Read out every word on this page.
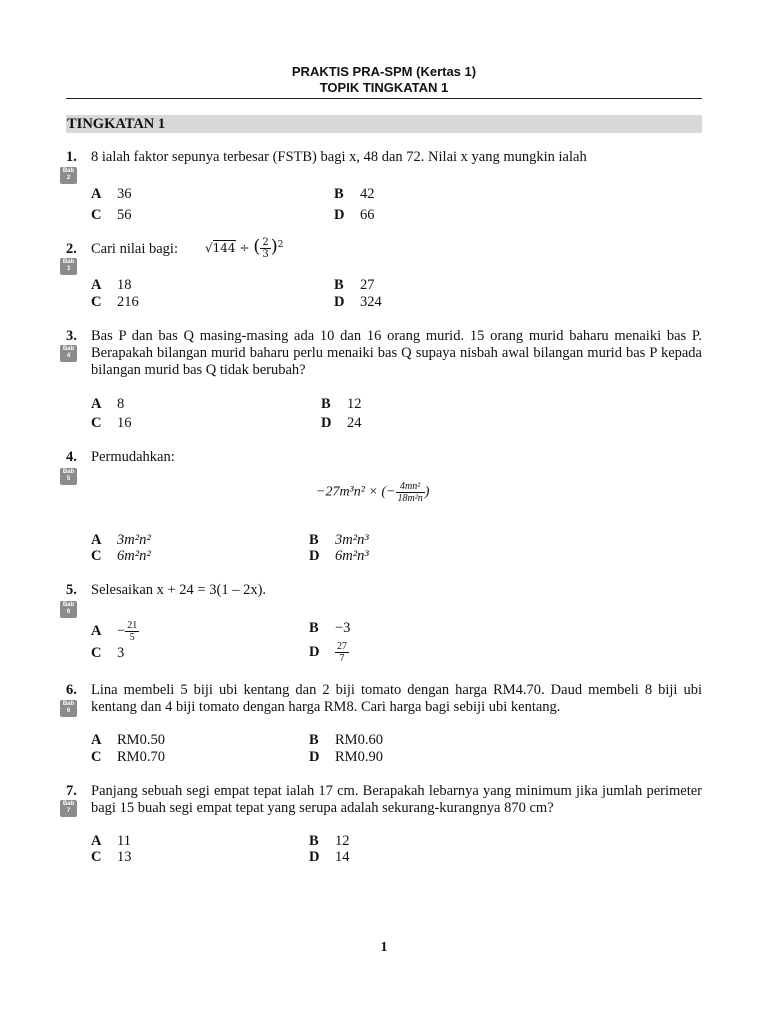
PRAKTIS PRA-SPM (Kertas 1)
TOPIK TINGKATAN 1
TINGKATAN 1
1.
Bab
2
8 ialah faktor sepunya terbesar (FSTB) bagi x, 48 dan 72. Nilai x yang mungkin ialah
A 36	B 42
C 56	D 66
2.
Bab
3
Cari nilai bagi:	√144 ÷ ( $\frac{2}{3} )^2$
A 18	B 27
C 216	D 324
3.
Bab
4
Bas P dan bas Q masing-masing ada 10 dan 16 orang murid. 15 orang murid baharu menaiki bas P. Berapakah bilangan murid baharu perlu menaiki bas Q supaya nisbah awal bilangan murid bas P kepada bilangan murid bas Q tidak berubah?
A 8	B 12
C 16	D 24
4.
Bab
5
Permudahkan:
−27m³n² × (− $\frac{\text{4mn²}}{\text{18m²n}}$ )
A 3m²n²	B 3m²n³
C 6m²n²	D 6m²n³
5.
Bab
6
Selesaikan x + 24 = 3(1 – 2x).
$A - \frac{21}{5}$	B −3
C 3	D $\frac{27}{7}$
6.
Bab
6
Lina membeli 5 biji ubi kentang dan 2 biji tomato dengan harga RM4.70. Daud membeli 8 biji ubi kentang dan 4 biji tomato dengan harga RM8. Cari harga bagi sebiji ubi kentang.
A RM0.50	B RM0.60
C RM0.70	D RM0.90
7.
Bab
7
Panjang sebuah segi empat tepat ialah 17 cm. Berapakah lebarnya yang minimum jika jumlah perimeter bagi 15 buah segi empat tepat yang serupa adalah sekurang-kurangnya 870 cm?
A 11	B 12
C 13	D 14
1
